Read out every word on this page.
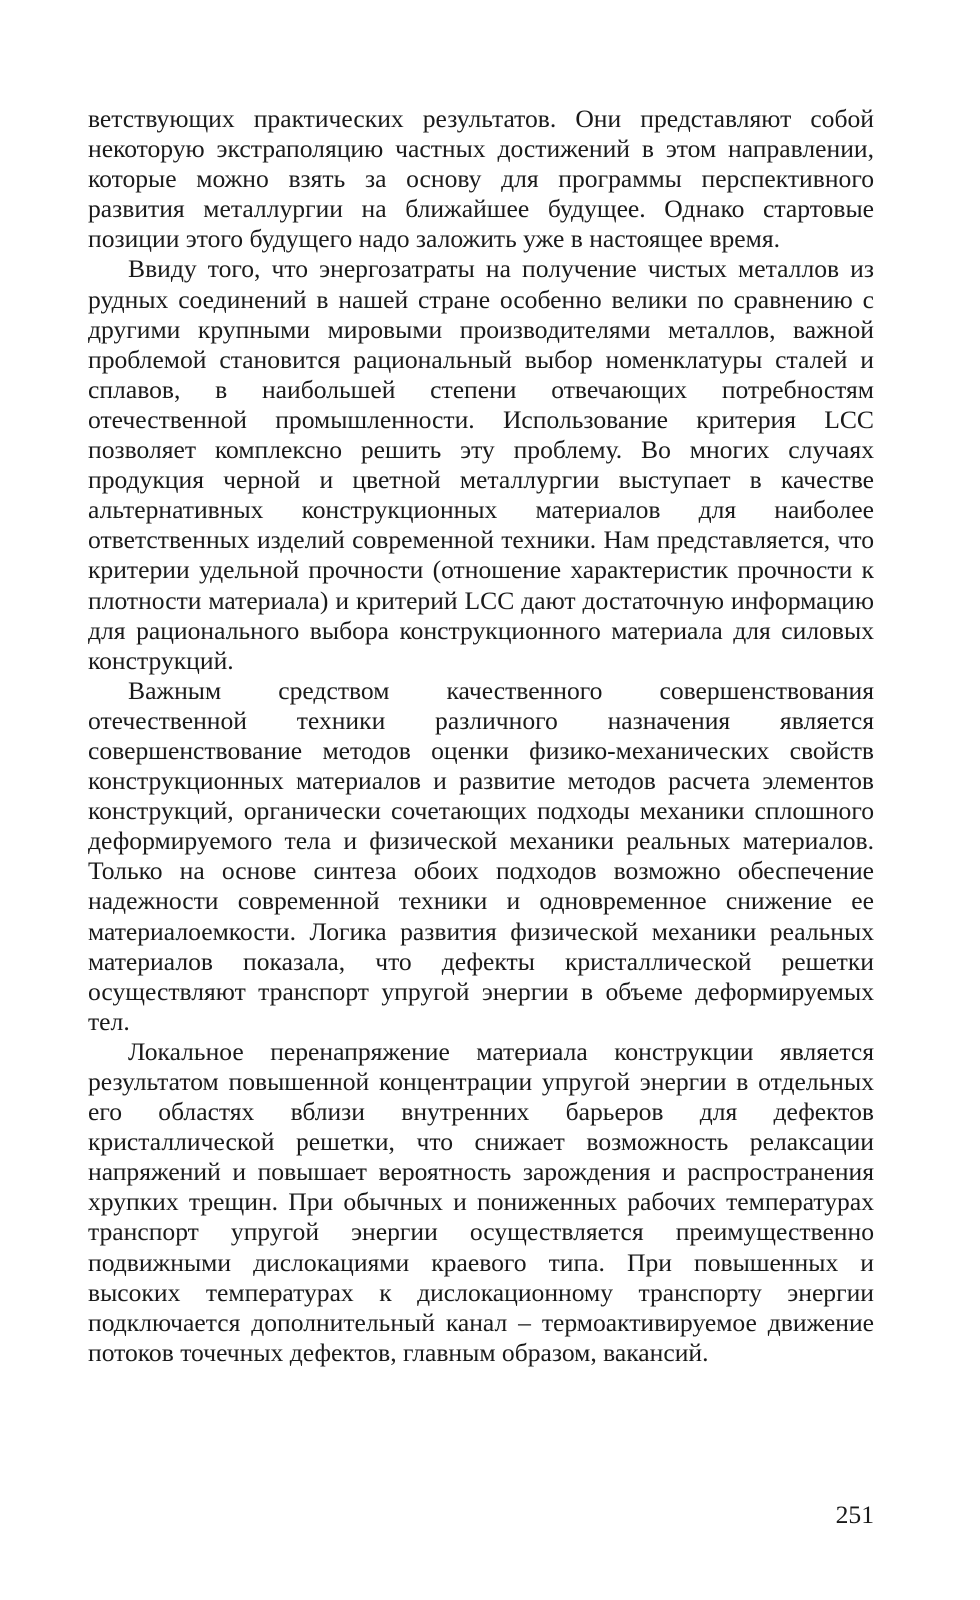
ветствующих практических результатов. Они представляют собой некоторую экстраполяцию частных достижений в этом направлении, которые можно взять за основу для программы перспективного развития металлургии на ближайшее будущее. Однако стартовые позиции этого будущего надо заложить уже в настоящее время.

Ввиду того, что энергозатраты на получение чистых металлов из рудных соединений в нашей стране особенно велики по сравнению с другими крупными мировыми производителями металлов, важной проблемой становится рациональный выбор номенклатуры сталей и сплавов, в наибольшей степени отвечающих потребностям отечественной промышленности. Использование критерия LCC позволяет комплексно решить эту проблему. Во многих случаях продукция черной и цветной металлургии выступает в качестве альтернативных конструкционных материалов для наиболее ответственных изделий современной техники. Нам представляется, что критерии удельной прочности (отношение характеристик прочности к плотности материала) и критерий LCC дают достаточную информацию для рационального выбора конструкционного материала для силовых конструкций.

Важным средством качественного совершенствования отечественной техники различного назначения является совершенствование методов оценки физико-механических свойств конструкционных материалов и развитие методов расчета элементов конструкций, органически сочетающих подходы механики сплошного деформируемого тела и физической механики реальных материалов. Только на основе синтеза обоих подходов возможно обеспечение надежности современной техники и одновременное снижение ее материалоемкости. Логика развития физической механики реальных материалов показала, что дефекты кристаллической решетки осуществляют транспорт упругой энергии в объеме деформируемых тел.

Локальное перенапряжение материала конструкции является результатом повышенной концентрации упругой энергии в отдельных его областях вблизи внутренних барьеров для дефектов кристаллической решетки, что снижает возможность релаксации напряжений и повышает вероятность зарождения и распространения хрупких трещин. При обычных и пониженных рабочих температурах транспорт упругой энергии осуществляется преимущественно подвижными дислокациями краевого типа. При повышенных и высоких температурах к дислокационному транспорту энергии подключается дополнительный канал – термоактивируемое движение потоков точечных дефектов, главным образом, вакансий.

251
